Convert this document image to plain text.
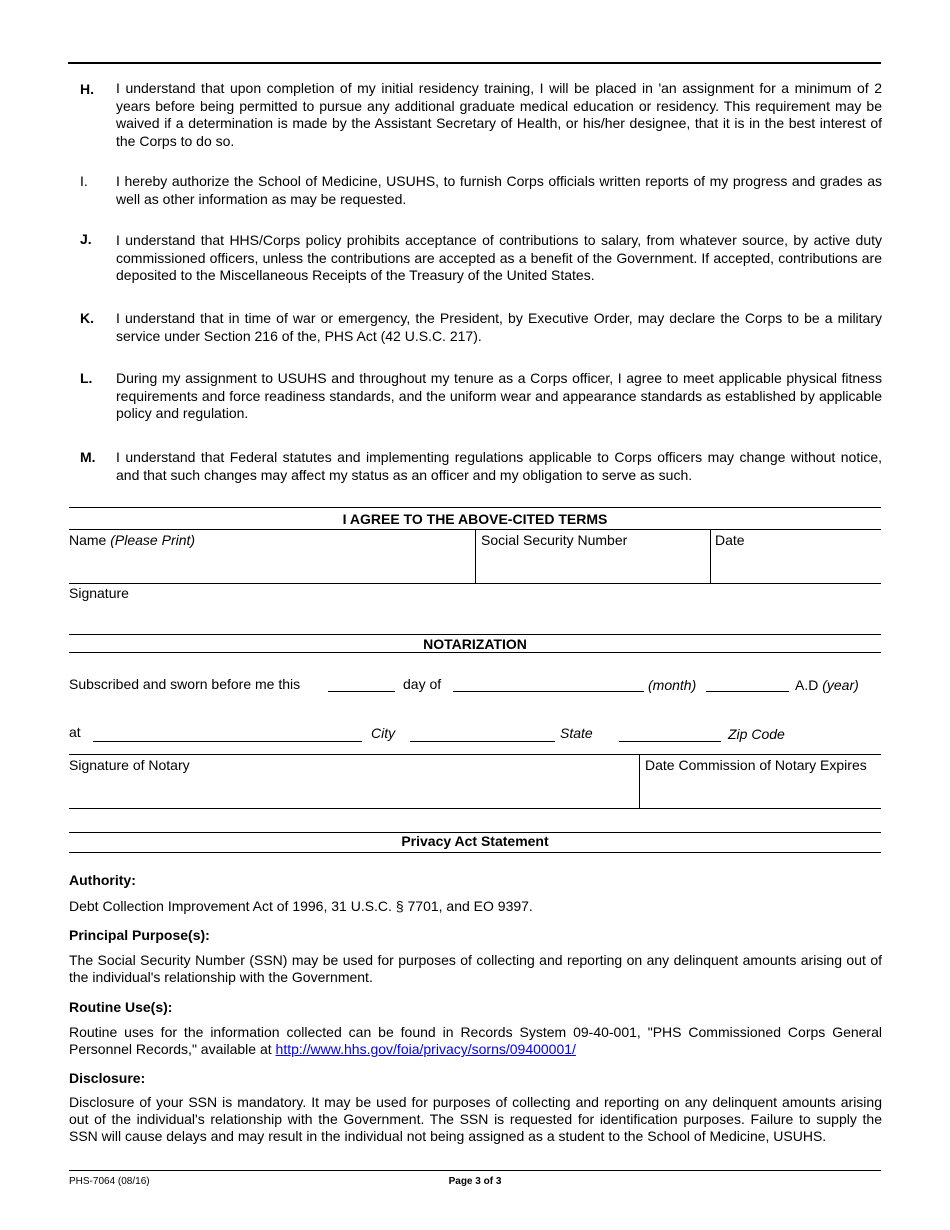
H. I understand that upon completion of my initial residency training, I will be placed in 'an assignment for a minimum of 2 years before being permitted to pursue any additional graduate medical education or residency. This requirement may be waived if a determination is made by the Assistant Secretary of Health, or his/her designee, that it is in the best interest of the Corps to do so.
I. I hereby authorize the School of Medicine, USUHS, to furnish Corps officials written reports of my progress and grades as well as other information as may be requested.
J. I understand that HHS/Corps policy prohibits acceptance of contributions to salary, from whatever source, by active duty commissioned officers, unless the contributions are accepted as a benefit of the Government. If accepted, contributions are deposited to the Miscellaneous Receipts of the Treasury of the United States.
K. I understand that in time of war or emergency, the President, by Executive Order, may declare the Corps to be a military service under Section 216 of the, PHS Act (42 U.S.C. 217).
L. During my assignment to USUHS and throughout my tenure as a Corps officer, I agree to meet applicable physical fitness requirements and force readiness standards, and the uniform wear and appearance standards as established by applicable policy and regulation.
M. I understand that Federal statutes and implementing regulations applicable to Corps officers may change without notice, and that such changes may affect my status as an officer and my obligation to serve as such.
I AGREE TO THE ABOVE-CITED TERMS
Name (Please Print)	Social Security Number	Date
Signature
NOTARIZATION
Subscribed and sworn before me this	day of	(month)	A.D (year)
at	City	State	Zip Code
Signature of Notary	Date Commission of Notary Expires
Privacy Act Statement
Authority:
Debt Collection Improvement Act of 1996, 31 U.S.C. § 7701, and EO 9397.
Principal Purpose(s):
The Social Security Number (SSN) may be used for purposes of collecting and reporting on any delinquent amounts arising out of the individual's relationship with the Government.
Routine Use(s):
Routine uses for the information collected can be found in Records System 09-40-001, "PHS Commissioned Corps General Personnel Records," available at http://www.hhs.gov/foia/privacy/sorns/09400001/
Disclosure:
Disclosure of your SSN is mandatory. It may be used for purposes of collecting and reporting on any delinquent amounts arising out of the individual's relationship with the Government. The SSN is requested for identification purposes. Failure to supply the SSN will cause delays and may result in the individual not being assigned as a student to the School of Medicine, USUHS.
PHS-7064 (08/16)	Page 3 of 3
